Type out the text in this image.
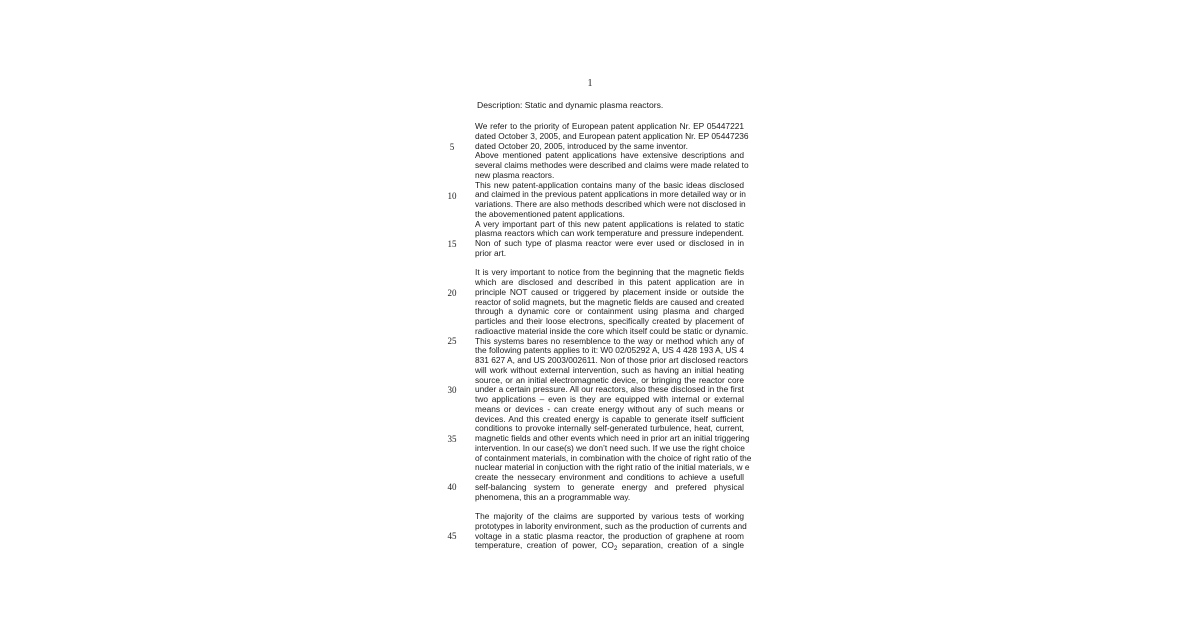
1
Description: Static and dynamic plasma reactors.
We refer to the priority of European patent application Nr. EP 05447221
dated October 3, 2005, and European patent application Nr. EP 05447236
dated October 20, 2005, introduced by the same inventor.
Above mentioned patent applications have extensive descriptions and
several claims methodes were described and claims were made related to
new plasma reactors.
This new patent-application contains many of the basic ideas disclosed
and claimed in the previous patent applications in more detailed way or in
variations. There are also methods described which were not disclosed in
the abovementioned patent applications.
A very important part of this new patent applications is related to static
plasma reactors which can work temperature and pressure independent.
Non of such type of plasma reactor were ever used or disclosed in in
prior art.
It is very important to notice from the beginning that the magnetic fields
which are disclosed and described in this patent application are in
principle NOT caused or triggered by placement inside or outside the
reactor of solid magnets, but the magnetic fields are caused and created
through a dynamic core or containment using plasma and charged
particles and their loose electrons, specifically created by placement of
radioactive material inside the core which itself could be static or dynamic.
This systems bares no resemblence to the way or method which any of
the following patents applies to it: W0 02/05292 A, US 4 428 193 A, US 4
831 627 A, and US 2003/002611. Non of those prior art disclosed reactors
will work without external intervention, such as having an initial heating
source, or an initial electromagnetic device, or bringing the reactor core
under a certain pressure. All our reactors, also these disclosed in the first
two applications – even is they are equipped with internal or external
means or devices - can create energy without any of such means or
devices. And this created energy is capable to generate itself sufficient
conditions to provoke internally self-generated turbulence, heat, current,
magnetic fields and other events which need in prior art an initial triggering
intervention. In our case(s) we don’t need such. If we use the right choice
of containment materials, in combination with the choice of right ratio of the
nuclear material in conjuction with the right ratio of the initial materials, w e
create the nessecary environment and conditions to achieve a usefull
self-balancing system to generate energy and prefered physical
phenomena, this an a programmable way.
The majority of the claims are supported by various tests of working
prototypes in labority environment, such as the production of currents and
voltage in a static plasma reactor, the production of graphene at room
temperature, creation of power, $CO_2$ separation, creation of a single
5
10
15
20
25
30
35
40
45
